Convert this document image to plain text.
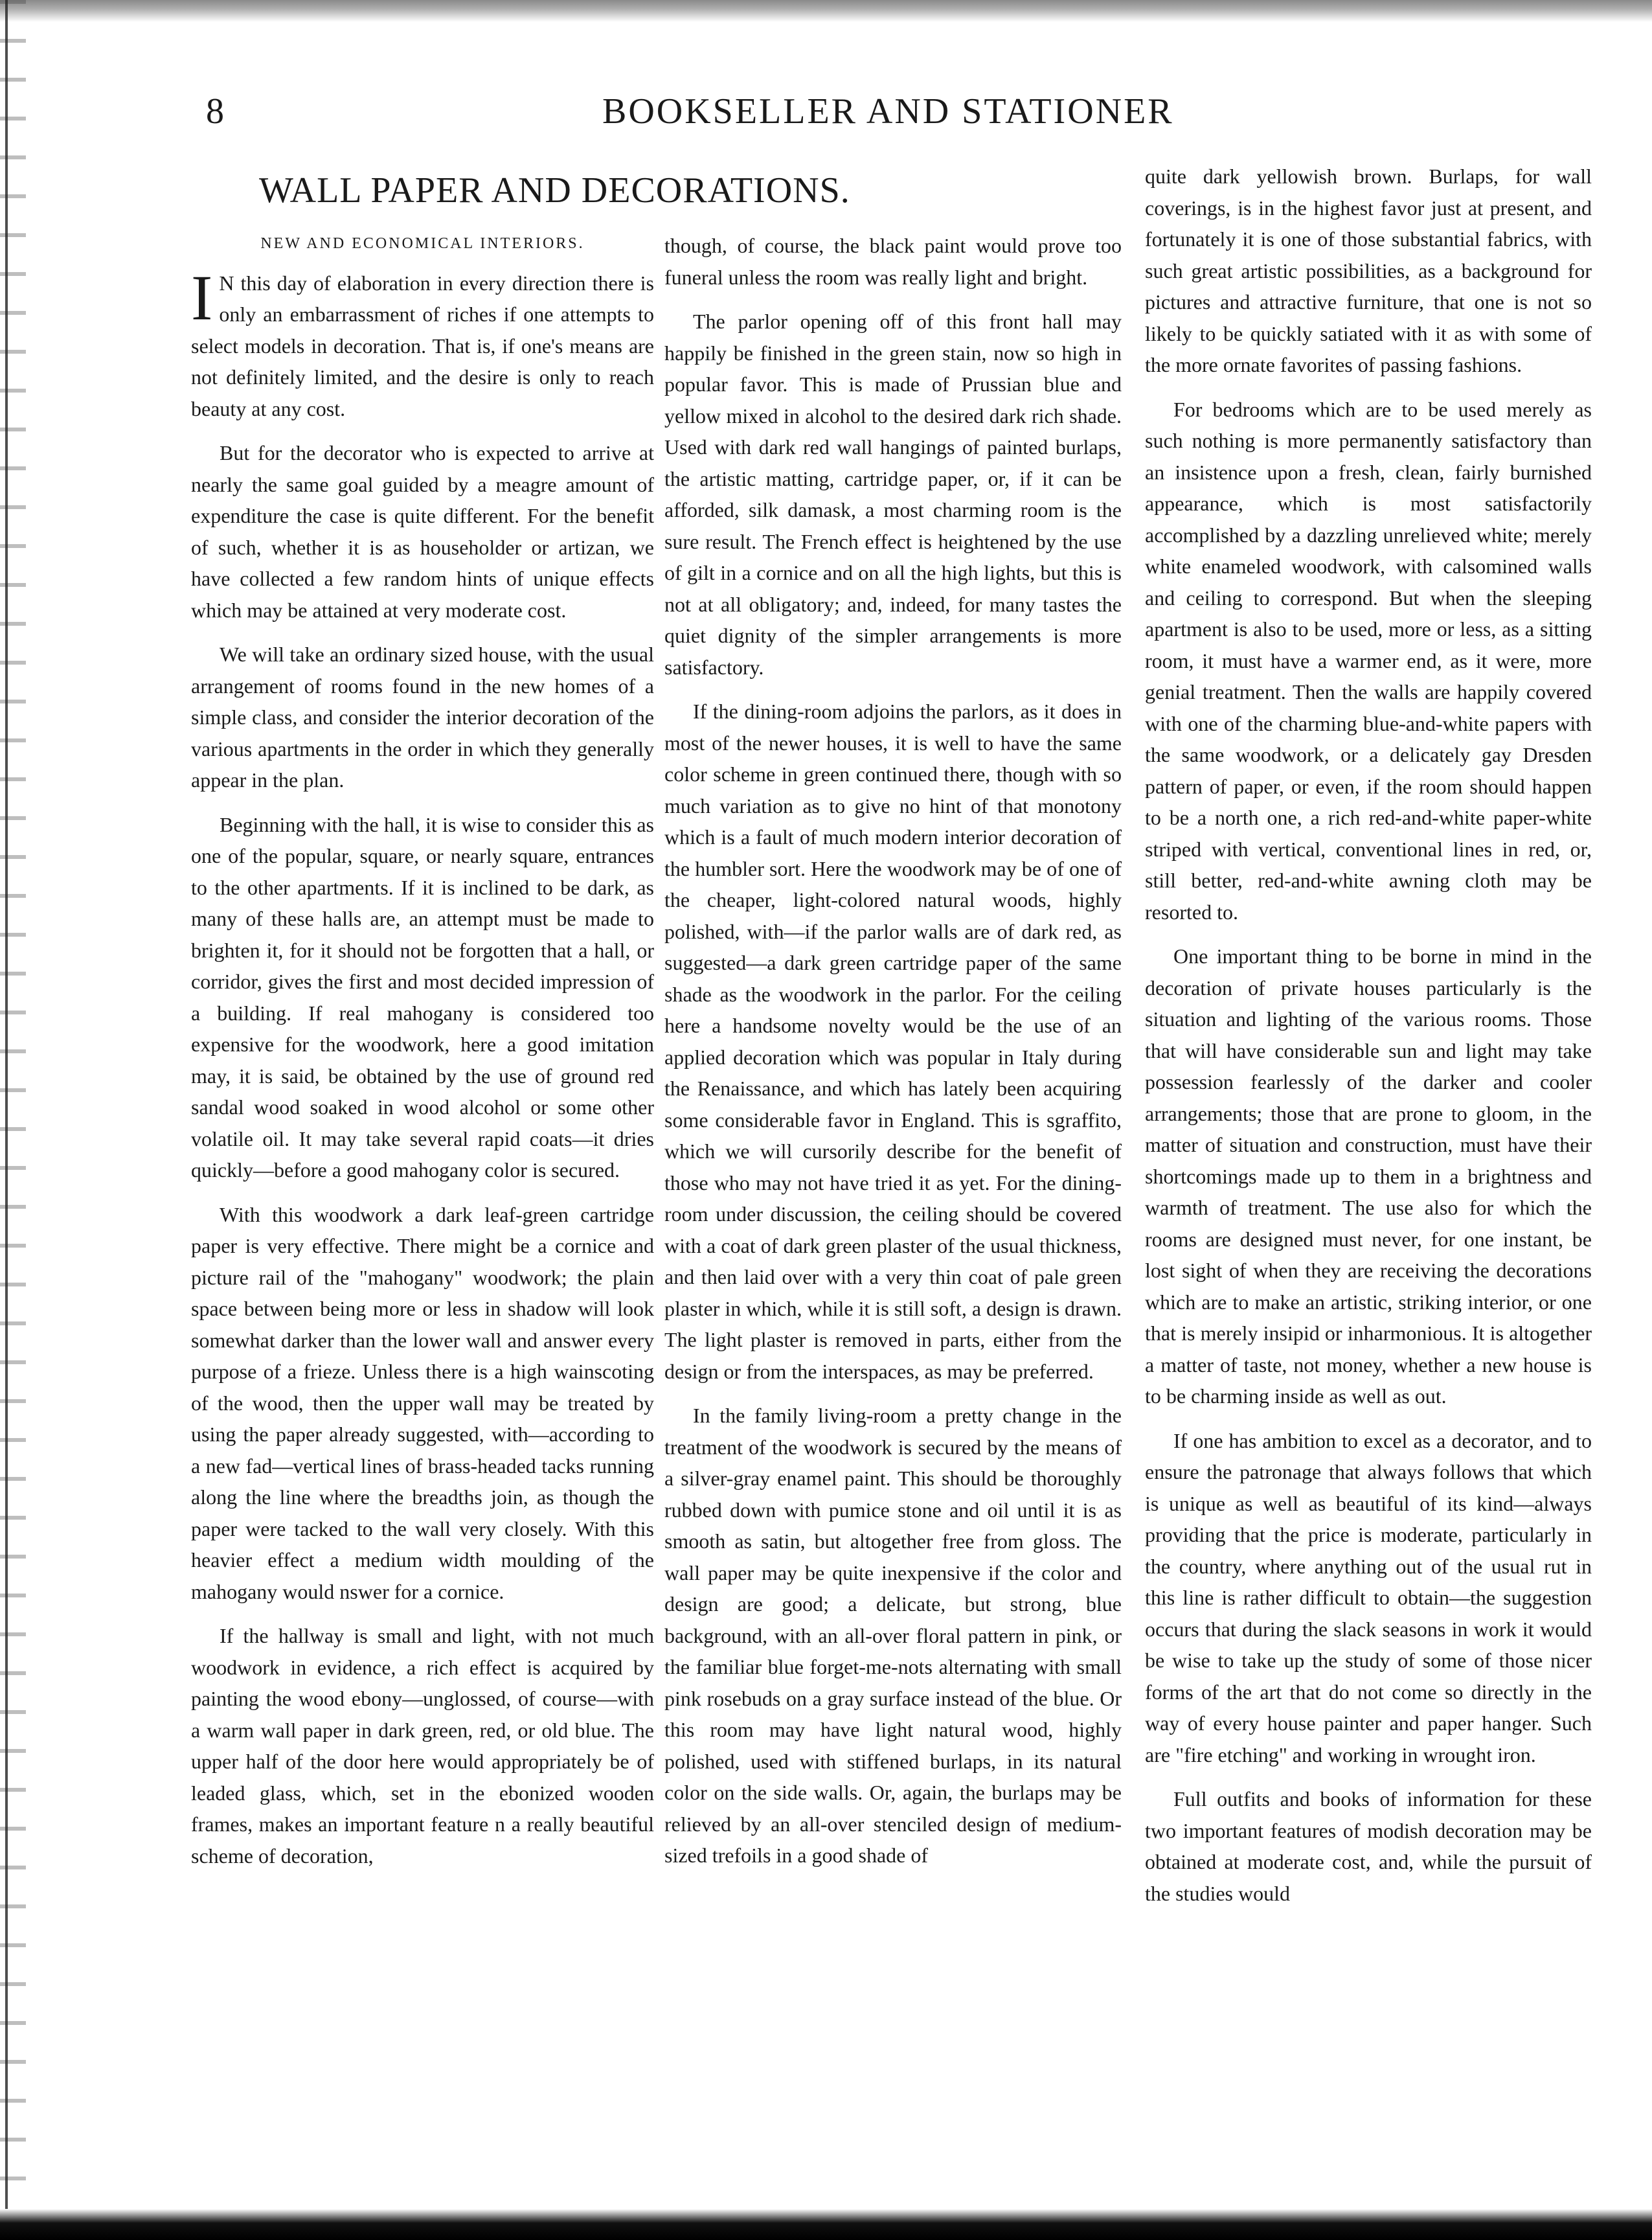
8	BOOKSELLER AND STATIONER
WALL PAPER AND DECORATIONS.
NEW AND ECONOMICAL INTERIORS.

I N this day of elaboration in every direction there is only an embarrassment of riches if one attempts to select models in decoration. That is, if one's means are not definitely limited, and the desire is only to reach beauty at any cost.

But for the decorator who is expected to arrive at nearly the same goal guided by a meagre amount of expenditure the case is quite different. For the benefit of such, whether it is as householder or artizan, we have collected a few random hints of unique effects which may be attained at very moderate cost.

We will take an ordinary sized house, with the usual arrangement of rooms found in the new homes of a simple class, and consider the interior decoration of the various apartments in the order in which they generally appear in the plan.

Beginning with the hall, it is wise to consider this as one of the popular, square, or nearly square, entrances to the other apartments. If it is inclined to be dark, as many of these halls are, an attempt must be made to brighten it, for it should not be forgotten that a hall, or corridor, gives the first and most decided impression of a building. If real mahogany is considered too expensive for the woodwork, here a good imitation may, it is said, be obtained by the use of ground red sandal wood soaked in wood alcohol or some other volatile oil. It may take several rapid coats—it dries quickly—before a good mahogany color is secured.

With this woodwork a dark leaf-green cartridge paper is very effective. There might be a cornice and picture rail of the "mahogany" woodwork; the plain space between being more or less in shadow will look somewhat darker than the lower wall and answer every purpose of a frieze. Unless there is a high wainscoting of the wood, then the upper wall may be treated by using the paper already suggested, with—according to a new fad—vertical lines of brass-headed tacks running along the line where the breadths join, as though the paper were tacked to the wall very closely. With this heavier effect a medium width moulding of the mahogany would nswer for a cornice.

If the hallway is small and light, with not much woodwork in evidence, a rich effect is acquired by painting the wood ebony—unglossed, of course—with a warm wall paper in dark green, red, or old blue. The upper half of the door here would appropriately be of leaded glass, which, set in the ebonized wooden frames, makes an important feature n a really beautiful scheme of decoration,

though, of course, the black paint would prove too funeral unless the room was really light and bright.

The parlor opening off of this front hall may happily be finished in the green stain, now so high in popular favor. This is made of Prussian blue and yellow mixed in alcohol to the desired dark rich shade. Used with dark red wall hangings of painted burlaps, the artistic matting, cartridge paper, or, if it can be afforded, silk damask, a most charming room is the sure result. The French effect is heightened by the use of gilt in a cornice and on all the high lights, but this is not at all obligatory; and, indeed, for many tastes the quiet dignity of the simpler arrangements is more satisfactory.

If the dining-room adjoins the parlors, as it does in most of the newer houses, it is well to have the same color scheme in green continued there, though with so much variation as to give no hint of that monotony which is a fault of much modern interior decoration of the humbler sort. Here the woodwork may be of one of the cheaper, light-colored natural woods, highly polished, with—if the parlor walls are of dark red, as suggested—a dark green cartridge paper of the same shade as the woodwork in the parlor. For the ceiling here a handsome novelty would be the use of an applied decoration which was popular in Italy during the Renaissance, and which has lately been acquiring some considerable favor in England. This is sgraffito, which we will cursorily describe for the benefit of those who may not have tried it as yet. For the dining-room under discussion, the ceiling should be covered with a coat of dark green plaster of the usual thickness, and then laid over with a very thin coat of pale green plaster in which, while it is still soft, a design is drawn. The light plaster is removed in parts, either from the design or from the interspaces, as may be preferred.

In the family living-room a pretty change in the treatment of the woodwork is secured by the means of a silver-gray enamel paint. This should be thoroughly rubbed down with pumice stone and oil until it is as smooth as satin, but altogether free from gloss. The wall paper may be quite inexpensive if the color and design are good; a delicate, but strong, blue background, with an all-over floral pattern in pink, or the familiar blue forget-me-nots alternating with small pink rosebuds on a gray surface instead of the blue. Or this room may have light natural wood, highly polished, used with stiffened burlaps, in its natural color on the side walls. Or, again, the burlaps may be relieved by an all-over stenciled design of medium-sized trefoils in a good shade of

quite dark yellowish brown. Burlaps, for wall coverings, is in the highest favor just at present, and fortunately it is one of those substantial fabrics, with such great artistic possibilities, as a background for pictures and attractive furniture, that one is not so likely to be quickly satiated with it as with some of the more ornate favorites of passing fashions.

For bedrooms which are to be used merely as such nothing is more permanently satisfactory than an insistence upon a fresh, clean, fairly burnished appearance, which is most satisfactorily accomplished by a dazzling unrelieved white; merely white enameled woodwork, with calsomined walls and ceiling to correspond. But when the sleeping apartment is also to be used, more or less, as a sitting room, it must have a warmer end, as it were, more genial treatment. Then the walls are happily covered with one of the charming blue-and-white papers with the same woodwork, or a delicately gay Dresden pattern of paper, or even, if the room should happen to be a north one, a rich red-and-white paper-white striped with vertical, conventional lines in red, or, still better, red-and-white awning cloth may be resorted to.

One important thing to be borne in mind in the decoration of private houses particularly is the situation and lighting of the various rooms. Those that will have considerable sun and light may take possession fearlessly of the darker and cooler arrangements; those that are prone to gloom, in the matter of situation and construction, must have their shortcomings made up to them in a brightness and warmth of treatment. The use also for which the rooms are designed must never, for one instant, be lost sight of when they are receiving the decorations which are to make an artistic, striking interior, or one that is merely insipid or inharmonious. It is altogether a matter of taste, not money, whether a new house is to be charming inside as well as out.

If one has ambition to excel as a decorator, and to ensure the patronage that always follows that which is unique as well as beautiful of its kind—always providing that the price is moderate, particularly in the country, where anything out of the usual rut in this line is rather difficult to obtain—the suggestion occurs that during the slack seasons in work it would be wise to take up the study of some of those nicer forms of the art that do not come so directly in the way of every house painter and paper hanger. Such are "fire etching" and working in wrought iron.

Full outfits and books of information for these two important features of modish decoration may be obtained at moderate cost, and, while the pursuit of the studies would
